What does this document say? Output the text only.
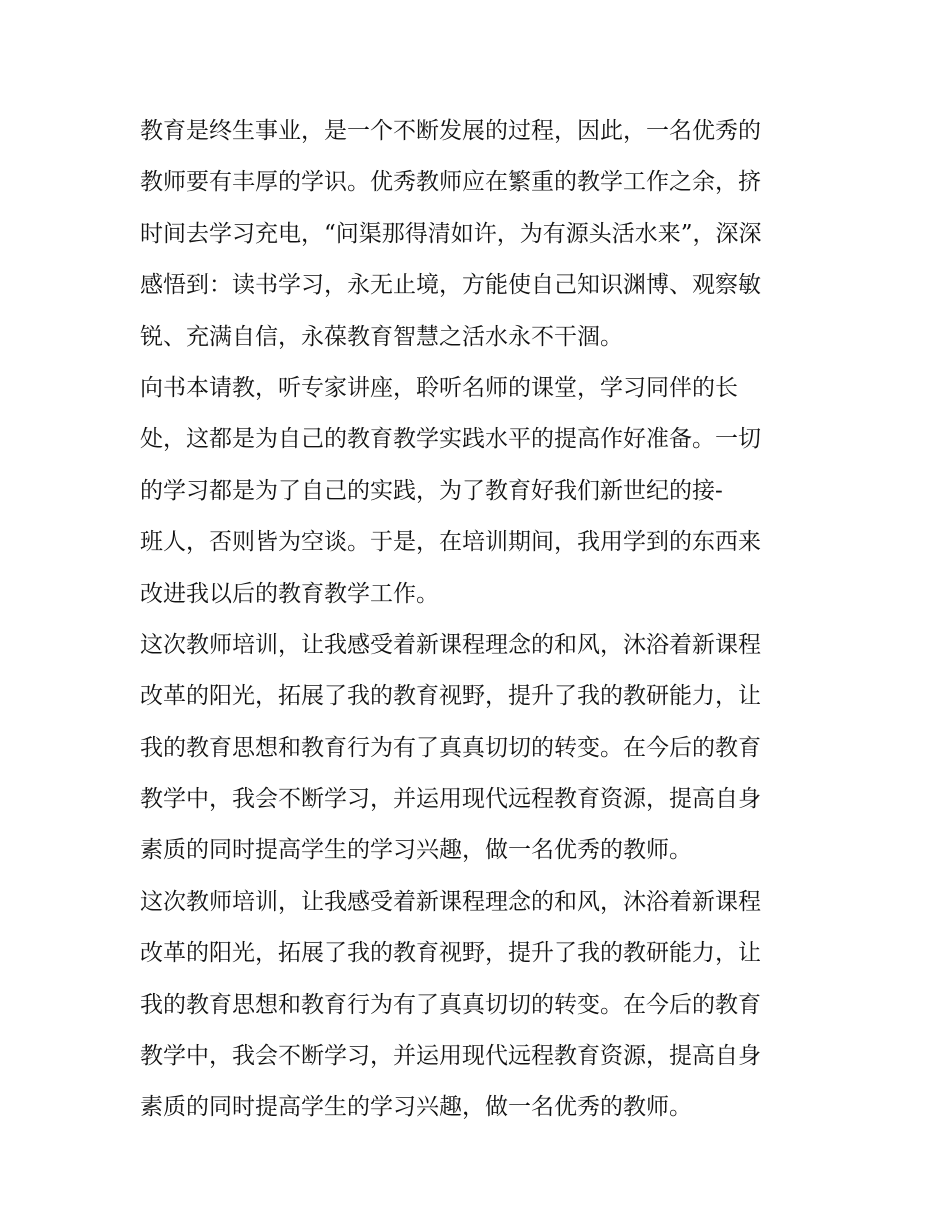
教育是终生事业，是一个不断发展的过程，因此，一名优秀的
教师要有丰厚的学识。优秀教师应在繁重的教学工作之余，挤
时间去学习充电，“问渠那得清如许，为有源头活水来”，深深
感悟到：读书学习，永无止境，方能使自己知识渊博、观察敏
锐、充满自信，永葆教育智慧之活水永不干涸。
向书本请教，听专家讲座，聆听名师的课堂，学习同伴的长
处，这都是为自己的教育教学实践水平的提高作好准备。一切
的学习都是为了自己的实践，为了教育好我们新世纪的接-
班人，否则皆为空谈。于是，在培训期间，我用学到的东西来
改进我以后的教育教学工作。
这次教师培训，让我感受着新课程理念的和风，沐浴着新课程
改革的阳光，拓展了我的教育视野，提升了我的教研能力，让
我的教育思想和教育行为有了真真切切的转变。在今后的教育
教学中，我会不断学习，并运用现代远程教育资源，提高自身
素质的同时提高学生的学习兴趣，做一名优秀的教师。
这次教师培训，让我感受着新课程理念的和风，沐浴着新课程
改革的阳光，拓展了我的教育视野，提升了我的教研能力，让
我的教育思想和教育行为有了真真切切的转变。在今后的教育
教学中，我会不断学习，并运用现代远程教育资源，提高自身
素质的同时提高学生的学习兴趣，做一名优秀的教师。
